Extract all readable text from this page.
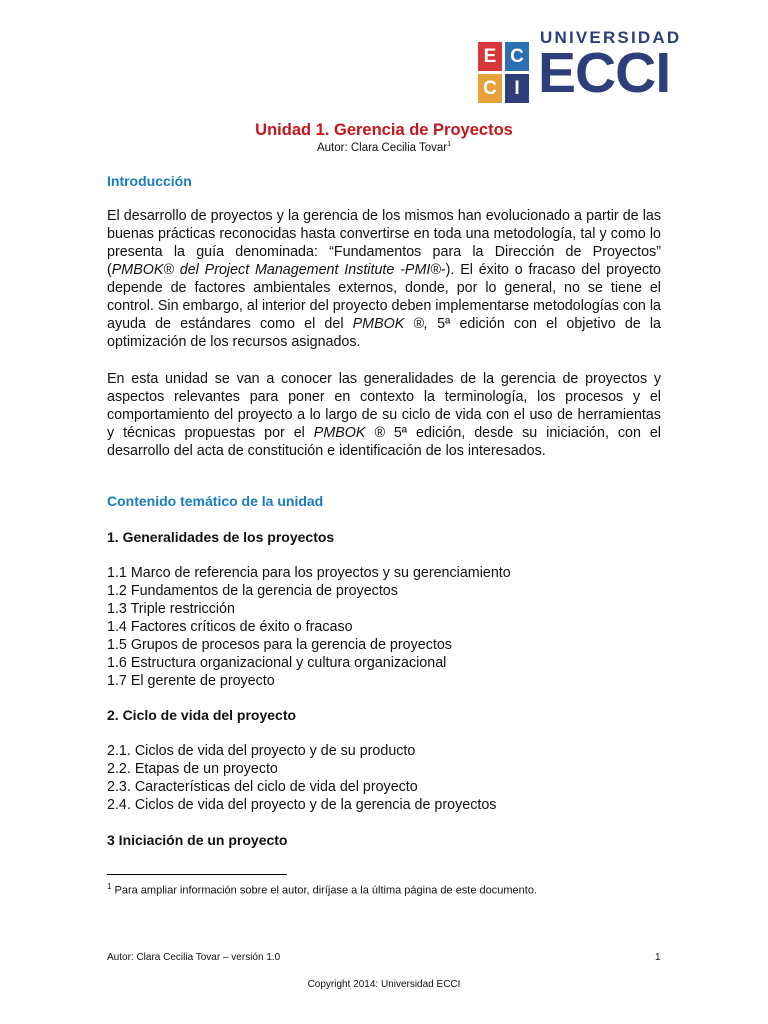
E C
C I
UNIVERSIDAD
ECCI
Unidad 1. Gerencia de Proyectos
Autor: Clara Cecilia Tovar$^1$
Introducción

El desarrollo de proyectos y la gerencia de los mismos han evolucionado a partir de las buenas prácticas reconocidas hasta convertirse en toda una metodología, tal y como lo presenta la guía denominada: “Fundamentos para la Dirección de Proyectos” (PMBOK® del Project Management Institute -PMI®-). El éxito o fracaso del proyecto depende de factores ambientales externos, donde, por lo general, no se tiene el control. Sin embargo, al interior del proyecto deben implementarse metodologías con la ayuda de estándares como el del PMBOK ®, 5ª edición con el objetivo de la optimización de los recursos asignados.

En esta unidad se van a conocer las generalidades de la gerencia de proyectos y aspectos relevantes para poner en contexto la terminología, los procesos y el comportamiento del proyecto a lo largo de su ciclo de vida con el uso de herramientas y técnicas propuestas por el PMBOK ® 5ª edición, desde su iniciación, con el desarrollo del acta de constitución e identificación de los interesados.

Contenido temático de la unidad
1. Generalidades de los proyectos
1.1 Marco de referencia para los proyectos y su gerenciamiento
1.2 Fundamentos de la gerencia de proyectos
1.3 Triple restricción
1.4 Factores críticos de éxito o fracaso
1.5 Grupos de procesos para la gerencia de proyectos
1.6 Estructura organizacional y cultura organizacional
1.7 El gerente de proyecto
2. Ciclo de vida del proyecto
2.1. Ciclos de vida del proyecto y de su producto
2.2. Etapas de un proyecto
2.3. Características del ciclo de vida del proyecto
2.4. Ciclos de vida del proyecto y de la gerencia de proyectos
3 Iniciación de un proyecto
$^1$ Para ampliar información sobre el autor, diríjase a la última página de este documento.
Autor: Clara Cecilia Tovar – versión 1.0	1
Copyright 2014: Universidad ECCI
